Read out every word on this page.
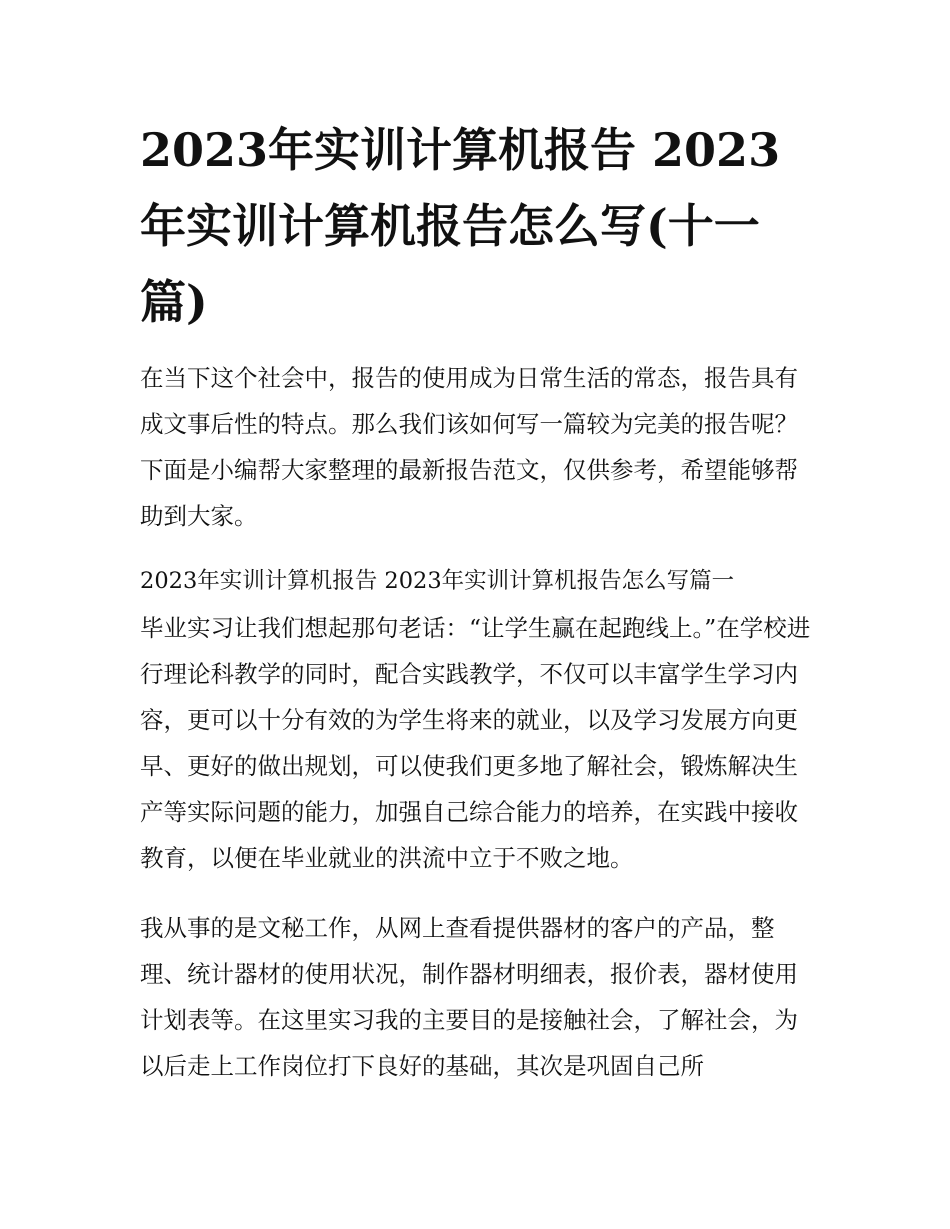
2023年实训计算机报告 2023年实训计算机报告怎么写(十一篇)

在当下这个社会中，报告的使用成为日常生活的常态，报告具有成文事后性的特点。那么我们该如何写一篇较为完美的报告呢？下面是小编帮大家整理的最新报告范文，仅供参考，希望能够帮助到大家。

2023年实训计算机报告 2023年实训计算机报告怎么写篇一

毕业实习让我们想起那句老话：“让学生赢在起跑线上。”在学校进行理论科教学的同时，配合实践教学，不仅可以丰富学生学习内容，更可以十分有效的为学生将来的就业，以及学习发展方向更早、更好的做出规划，可以使我们更多地了解社会，锻炼解决生产等实际问题的能力，加强自己综合能力的培养，在实践中接收教育，以便在毕业就业的洪流中立于不败之地。

我从事的是文秘工作，从网上查看提供器材的客户的产品，整理、统计器材的使用状况，制作器材明细表，报价表，器材使用计划表等。在这里实习我的主要目的是接触社会，了解社会，为以后走上工作岗位打下良好的基础，其次是巩固自己所
